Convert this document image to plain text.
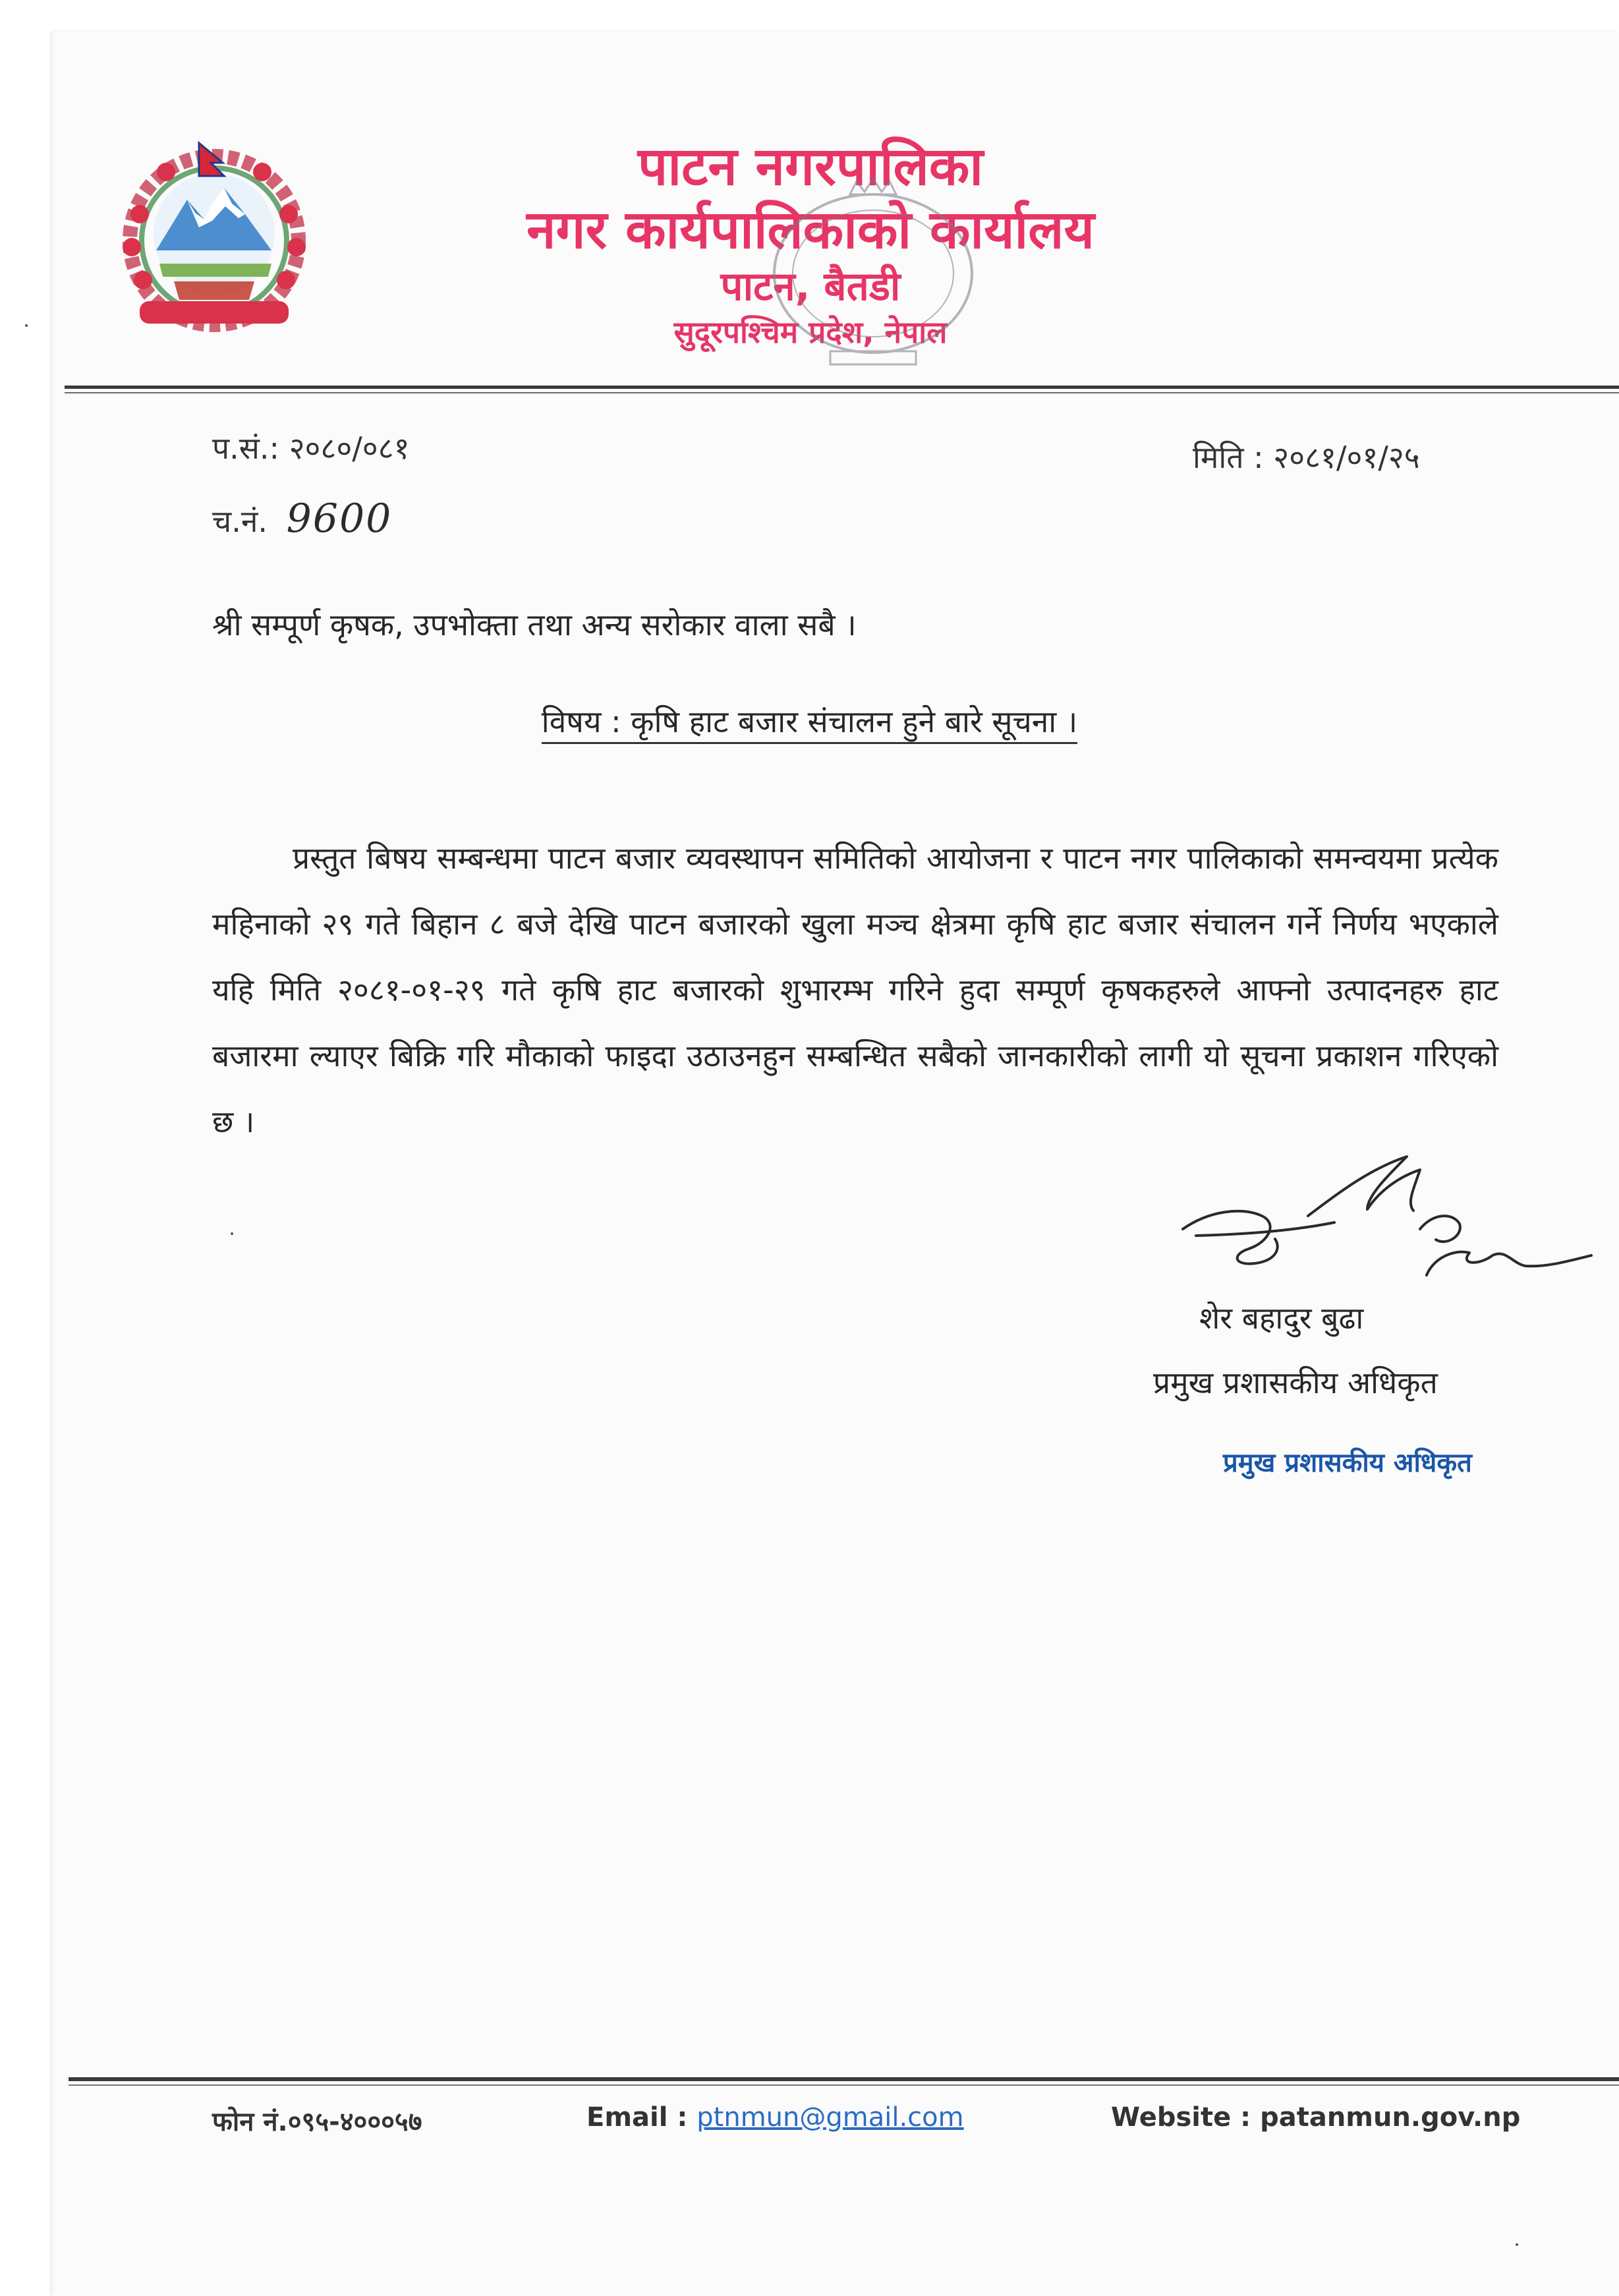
पाटन नगरपालिका
नगर कार्यपालिकाको कार्यालय
पाटन, बैतडी
सुदूरपश्चिम प्रदेश, नेपाल
प.सं.: २०८०/०८१	मिति : २०८१/०१/२५
च.नं. 9600
श्री सम्पूर्ण कृषक, उपभोक्ता तथा अन्य सरोकार वाला सबै ।
विषय : कृषि हाट बजार संचालन हुने बारे सूचना ।

प्रस्तुत बिषय सम्बन्धमा पाटन बजार व्यवस्थापन समितिको आयोजना र पाटन नगर पालिकाको समन्वयमा प्रत्येक महिनाको २९ गते बिहान ८ बजे देखि पाटन बजारको खुला मञ्च क्षेत्रमा कृषि हाट बजार संचालन गर्ने निर्णय भएकाले यहि मिति २०८१-०१-२९ गते कृषि हाट बजारको शुभारम्भ गरिने हुदा सम्पूर्ण कृषकहरुले आफ्नो उत्पादनहरु हाट बजारमा ल्याएर बिक्रि गरि मौकाको फाइदा उठाउनहुन सम्बन्धित सबैको जानकारीको लागी यो सूचना प्रकाशन गरिएको छ ।

शेर बहादुर बुढा
प्रमुख प्रशासकीय अधिकृत
प्रमुख प्रशासकीय अधिकृत
फोन नं.०९५-४०००५७	Email : ptnmun@gmail.com	Website : patanmun.gov.np
